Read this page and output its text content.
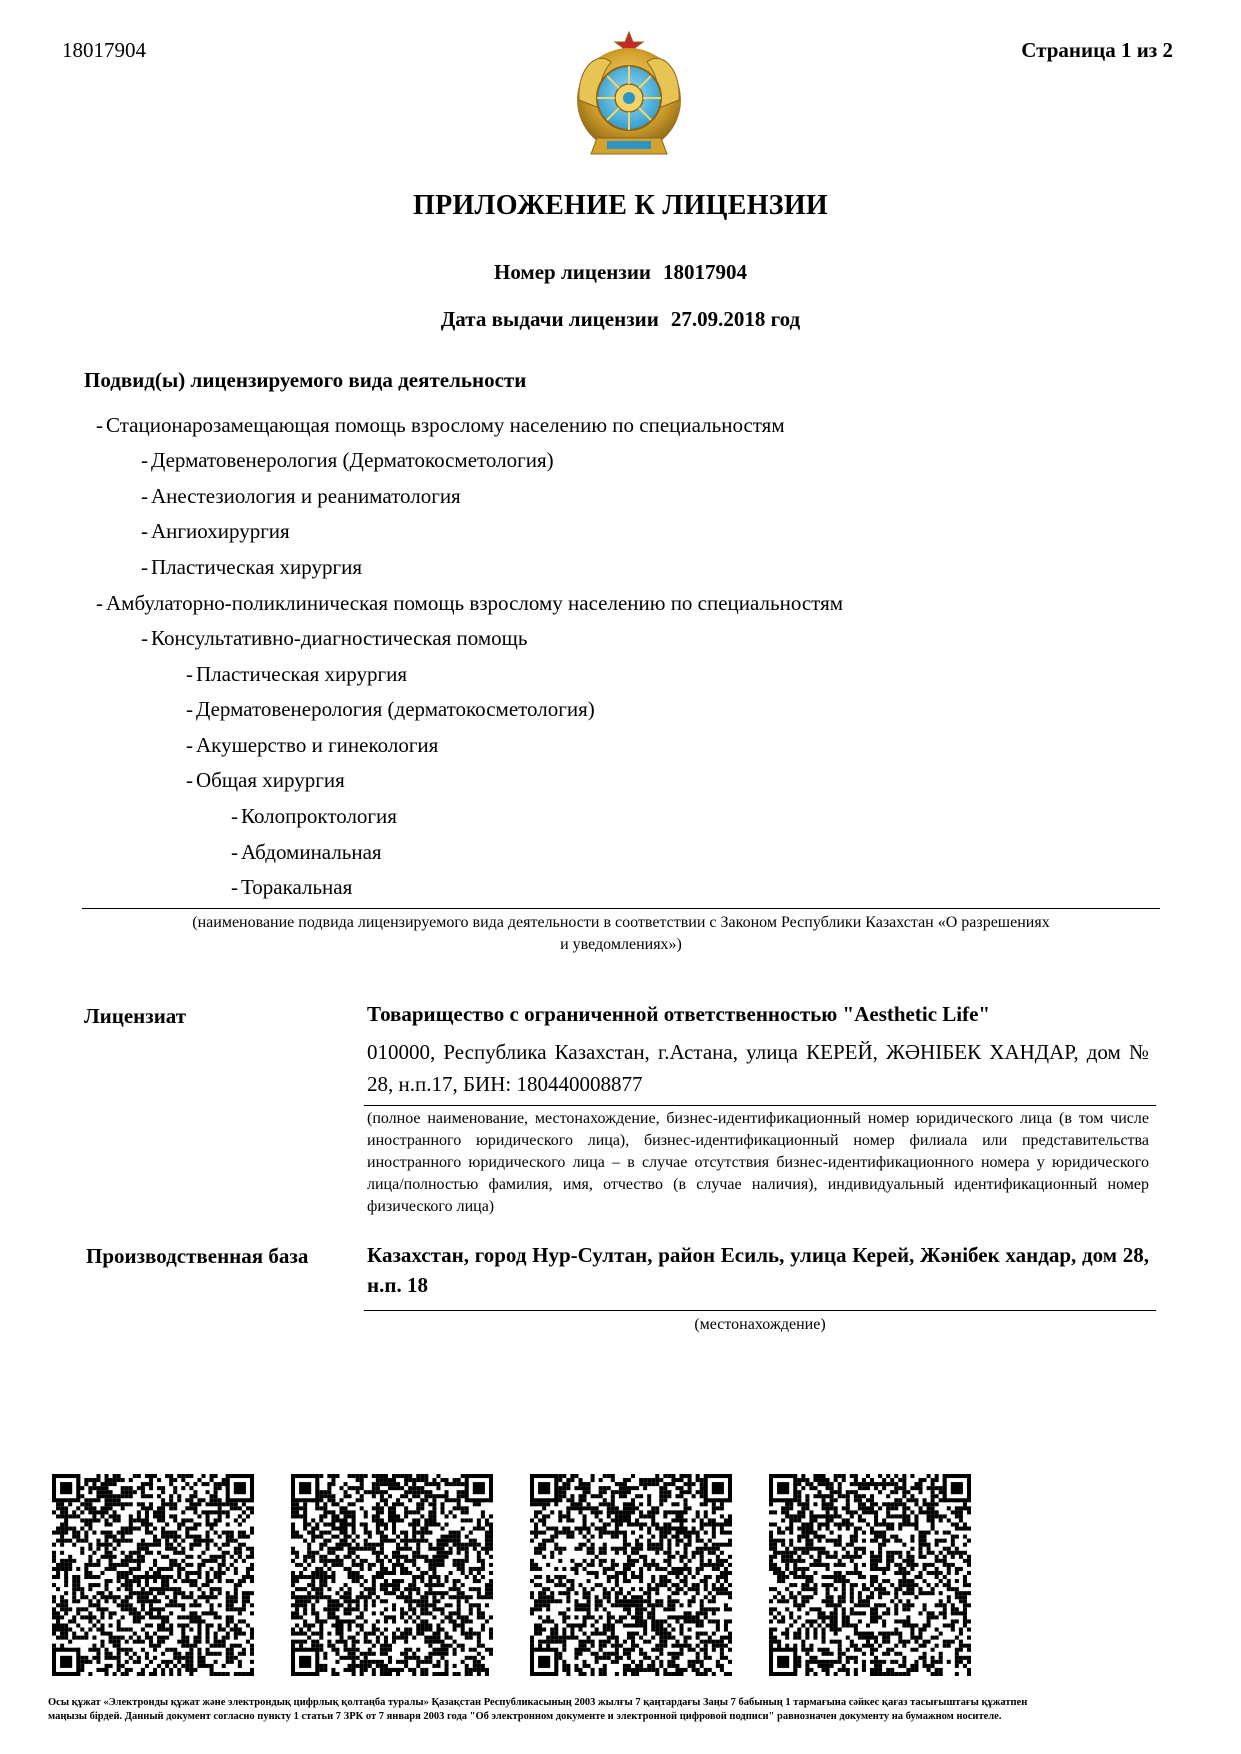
18017904	Страница 1 из 2
ПРИЛОЖЕНИЕ К ЛИЦЕНЗИИ
Номер лицензии 18017904
Дата выдачи лицензии 27.09.2018 год
Подвид(ы) лицензируемого вида деятельности
- Стационарозамещающая помощь взрослому населению по специальностям
- Дерматовенерология (Дерматокосметология)
- Анестезиология и реаниматология
- Ангиохирургия
- Пластическая хирургия
- Амбулаторно-поликлиническая помощь взрослому населению по специальностям
- Консультативно-диагностическая помощь
- Пластическая хирургия
- Дерматовенерология (дерматокосметология)
- Акушерство и гинекология
- Общая хирургия
- Колопроктология
- Абдоминальная
- Торакальная
(наименование подвида лицензируемого вида деятельности в соответствии с Законом Республики Казахстан «О разрешениях
и уведомлениях»)
Лицензиат	Товарищество с ограниченной ответственностью "Aesthetic Life"
010000, Республика Казахстан, г.Астана, улица КЕРЕЙ, ЖӘНІБЕК ХАНДАР, дом № 28, н.п.17, БИН: 180440008877
(полное наименование, местонахождение, бизнес-идентификационный номер юридического лица (в том числе иностранного юридического лица), бизнес-идентификационный номер филиала или представительства иностранного юридического лица – в случае отсутствия бизнес-идентификационного номера у юридического лица/полностью фамилия, имя, отчество (в случае наличия), индивидуальный идентификационный номер физического лица)
Производственная база	Казахстан, город Нур-Султан, район Есиль, улица Керей, Жәнібек хандар, дом 28, н.п. 18
(местонахождение)
Осы құжат «Электронды құжат және электрондық цифрлық қолтаңба туралы» Қазақстан Республикасының 2003 жылғы 7 қаңтардағы Заңы 7 бабының 1 тармағына сәйкес қағаз тасығыштағы құжатпен
маңызы бірдей. Данный документ согласно пункту 1 статьи 7 ЗРК от 7 января 2003 года "Об электронном документе и электронной цифровой подписи" равнозначен документу на бумажном носителе.
